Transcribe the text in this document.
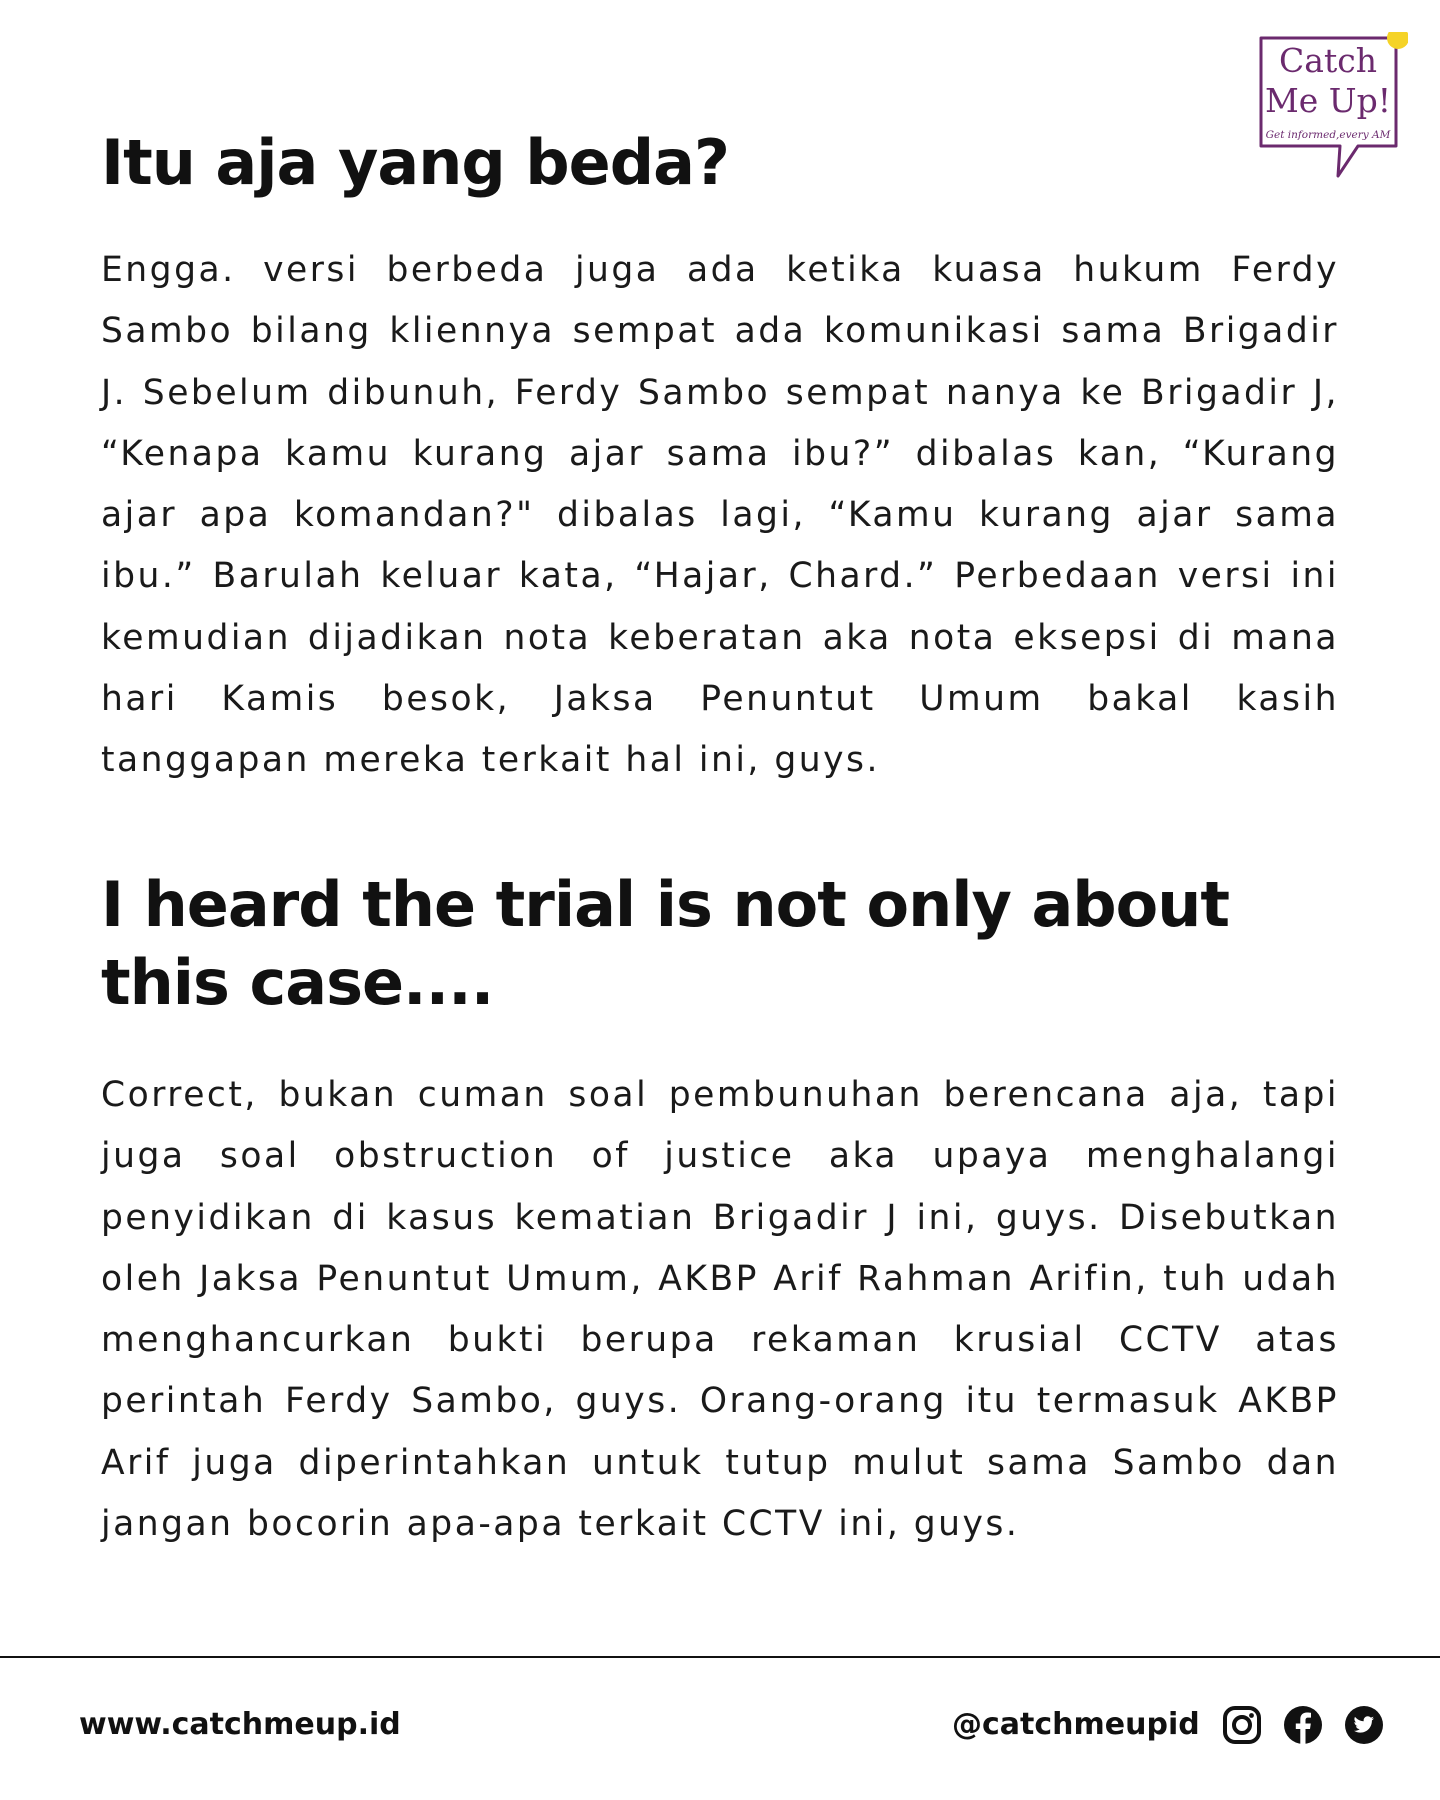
Catch
Me Up!
Get informed,every AM
Itu aja yang beda?

Engga. versi berbeda juga ada ketika kuasa hukum Ferdy Sambo bilang kliennya sempat ada komunikasi sama Brigadir J. Sebelum dibunuh, Ferdy Sambo sempat nanya ke Brigadir J, “Kenapa kamu kurang ajar sama ibu?” dibalas kan, “Kurang ajar apa komandan?" dibalas lagi, “Kamu kurang ajar sama ibu.” Barulah keluar kata, “Hajar, Chard.” Perbedaan versi ini kemudian dijadikan nota keberatan aka nota eksepsi di mana hari Kamis besok, Jaksa Penuntut Umum bakal kasih tanggapan mereka terkait hal ini, guys.

I heard the trial is not only about this case....

Correct, bukan cuman soal pembunuhan berencana aja, tapi juga soal obstruction of justice aka upaya menghalangi penyidikan di kasus kematian Brigadir J ini, guys. Disebutkan oleh Jaksa Penuntut Umum, AKBP Arif Rahman Arifin, tuh udah menghancurkan bukti berupa rekaman krusial CCTV atas perintah Ferdy Sambo, guys. Orang-orang itu termasuk AKBP Arif juga diperintahkan untuk tutup mulut sama Sambo dan jangan bocorin apa-apa terkait CCTV ini, guys.

www.catchmeup.id	@catchmeupid
